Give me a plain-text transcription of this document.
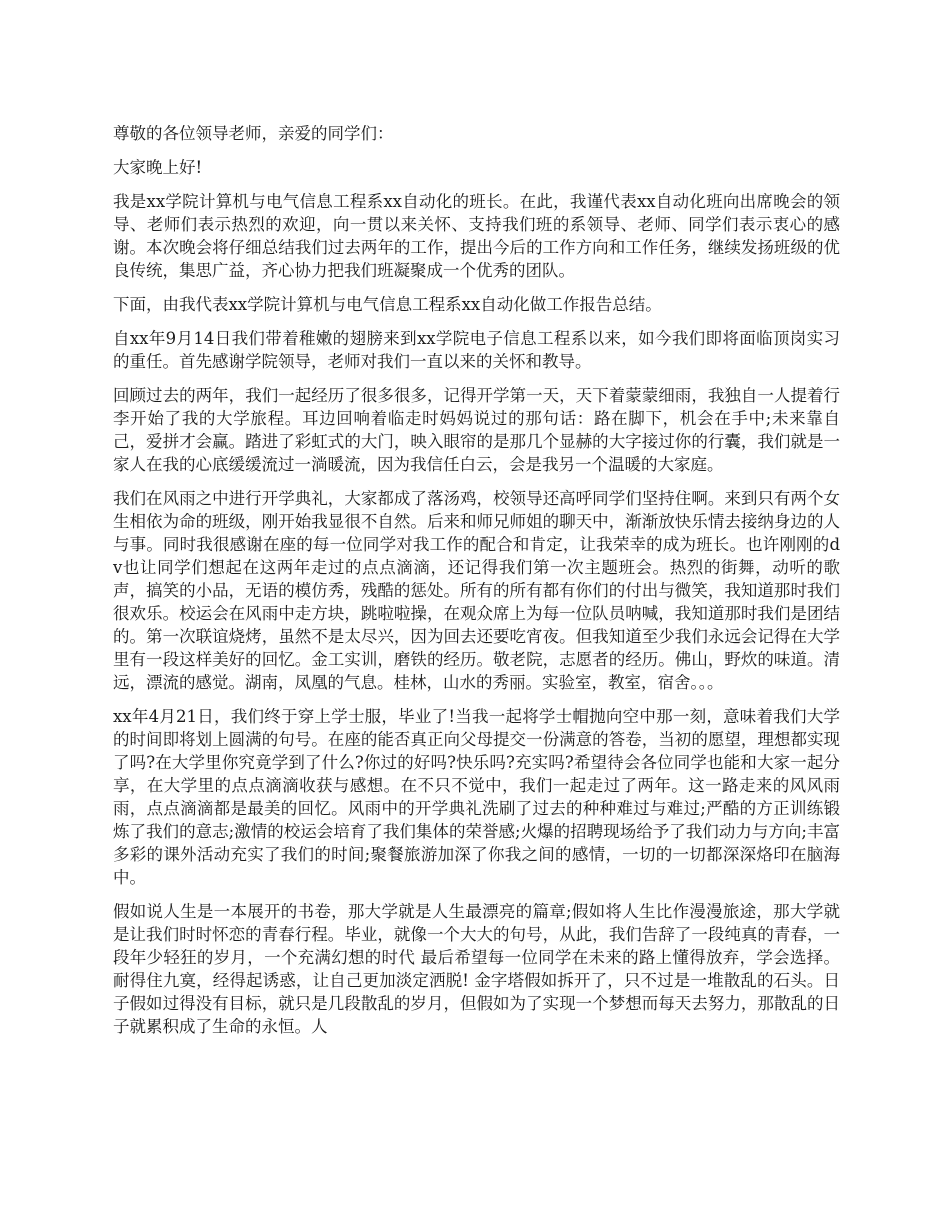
尊敬的各位领导老师，亲爱的同学们：

大家晚上好!

我是xx学院计算机与电气信息工程系xx自动化的班长。在此，我谨代表xx自动化班向出席晚会的领导、老师们表示热烈的欢迎，向一贯以来关怀、支持我们班的系领导、老师、同学们表示衷心的感谢。本次晚会将仔细总结我们过去两年的工作，提出今后的工作方向和工作任务，继续发扬班级的优良传统，集思广益，齐心协力把我们班凝聚成一个优秀的团队。

下面，由我代表xx学院计算机与电气信息工程系xx自动化做工作报告总结。

自xx年9月14日我们带着稚嫩的翅膀来到xx学院电子信息工程系以来，如今我们即将面临顶岗实习的重任。首先感谢学院领导，老师对我们一直以来的关怀和教导。

回顾过去的两年，我们一起经历了很多很多，记得开学第一天，天下着蒙蒙细雨，我独自一人提着行李开始了我的大学旅程。耳边回响着临走时妈妈说过的那句话：路在脚下，机会在手中;未来靠自己，爱拼才会赢。踏进了彩虹式的大门，映入眼帘的是那几个显赫的大字接过你的行囊，我们就是一家人在我的心底缓缓流过一淌暖流，因为我信任白云，会是我另一个温暖的大家庭。

我们在风雨之中进行开学典礼，大家都成了落汤鸡，校领导还高呼同学们坚持住啊。来到只有两个女生相依为命的班级，刚开始我显很不自然。后来和师兄师姐的聊天中，渐渐放快乐情去接纳身边的人与事。同时我很感谢在座的每一位同学对我工作的配合和肯定，让我荣幸的成为班长。也许刚刚的dv也让同学们想起在这两年走过的点点滴滴，还记得我们第一次主题班会。热烈的街舞，动听的歌声，搞笑的小品，无语的模仿秀，残酷的惩处。所有的所有都有你们的付出与微笑，我知道那时我们很欢乐。校运会在风雨中走方块，跳啦啦操，在观众席上为每一位队员呐喊，我知道那时我们是团结的。第一次联谊烧烤，虽然不是太尽兴，因为回去还要吃宵夜。但我知道至少我们永远会记得在大学里有一段这样美好的回忆。金工实训，磨铁的经历。敬老院，志愿者的经历。佛山，野炊的味道。清远，漂流的感觉。湖南，凤凰的气息。桂林，山水的秀丽。实验室，教室，宿舍。。。

xx年4月21日，我们终于穿上学士服，毕业了!当我一起将学士帽抛向空中那一刻，意味着我们大学的时间即将划上圆满的句号。在座的能否真正向父母提交一份满意的答卷，当初的愿望，理想都实现了吗?在大学里你究竟学到了什么?你过的好吗?快乐吗?充实吗?希望待会各位同学也能和大家一起分享，在大学里的点点滴滴收获与感想。在不只不觉中，我们一起走过了两年。这一路走来的风风雨雨，点点滴滴都是最美的回忆。风雨中的开学典礼洗刷了过去的种种难过与难过;严酷的方正训练锻炼了我们的意志;激情的校运会培育了我们集体的荣誉感;火爆的招聘现场给予了我们动力与方向;丰富多彩的课外活动充实了我们的时间;聚餐旅游加深了你我之间的感情，一切的一切都深深烙印在脑海中。

假如说人生是一本展开的书卷，那大学就是人生最漂亮的篇章;假如将人生比作漫漫旅途，那大学就是让我们时时怀恋的青春行程。毕业，就像一个大大的句号，从此，我们告辞了一段纯真的青春，一段年少轻狂的岁月，一个充满幻想的时代 最后希望每一位同学在未来的路上懂得放弃，学会选择。耐得住九寞，经得起诱惑，让自己更加淡定洒脱! 金字塔假如拆开了，只不过是一堆散乱的石头。日子假如过得没有目标，就只是几段散乱的岁月，但假如为了实现一个梦想而每天去努力，那散乱的日子就累积成了生命的永恒。人
